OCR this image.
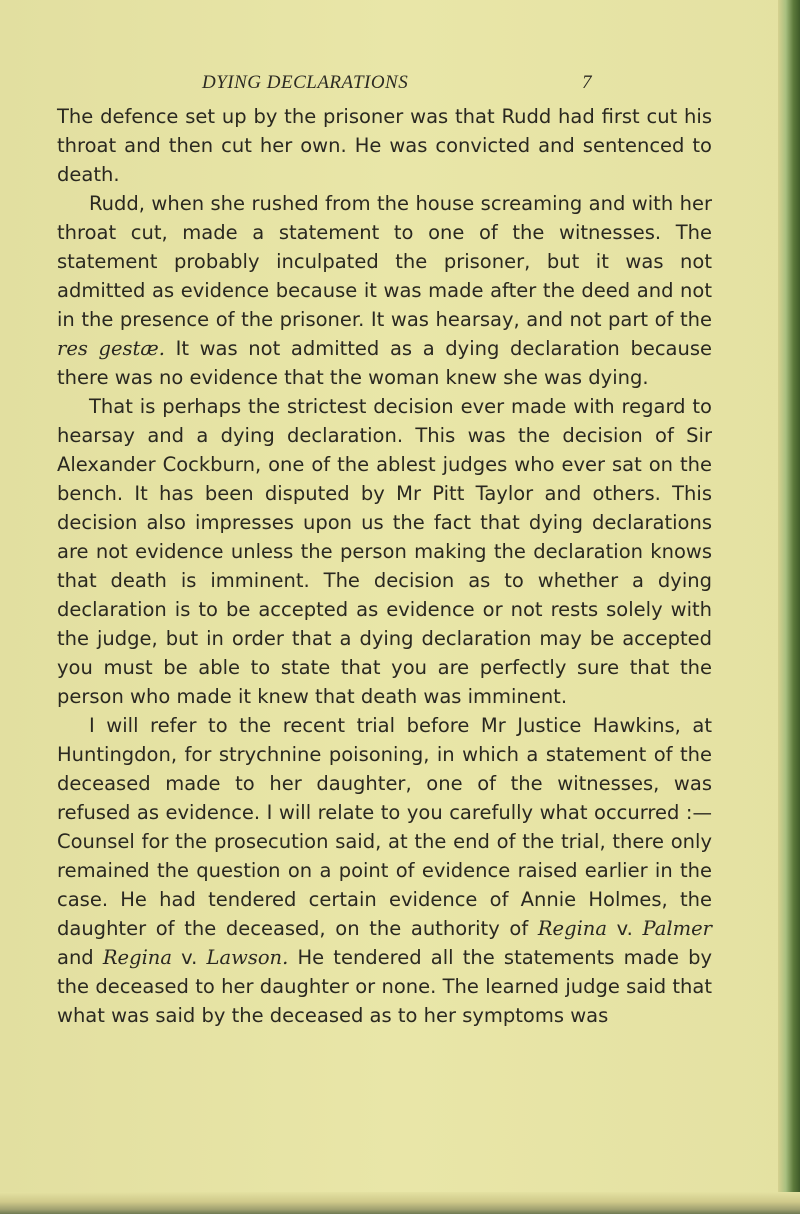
DYING DECLARATIONS	7

The defence set up by the prisoner was that Rudd had first cut his throat and then cut her own. He was convicted and sentenced to death.

Rudd, when she rushed from the house screaming and with her throat cut, made a statement to one of the witnesses. The statement probably inculpated the prisoner, but it was not admitted as evidence because it was made after the deed and not in the presence of the prisoner. It was hearsay, and not part of the res gestæ. It was not admitted as a dying declaration because there was no evidence that the woman knew she was dying.

That is perhaps the strictest decision ever made with regard to hearsay and a dying declaration. This was the decision of Sir Alexander Cockburn, one of the ablest judges who ever sat on the bench. It has been disputed by Mr Pitt Taylor and others. This decision also impresses upon us the fact that dying declarations are not evidence unless the person making the declaration knows that death is imminent. The decision as to whether a dying declaration is to be accepted as evidence or not rests solely with the judge, but in order that a dying declaration may be accepted you must be able to state that you are perfectly sure that the person who made it knew that death was imminent.

I will refer to the recent trial before Mr Justice Hawkins, at Huntingdon, for strychnine poisoning, in which a statement of the deceased made to her daughter, one of the witnesses, was refused as evidence. I will relate to you carefully what occurred :—Counsel for the prosecution said, at the end of the trial, there only remained the question on a point of evidence raised earlier in the case. He had tendered certain evidence of Annie Holmes, the daughter of the deceased, on the authority of Regina v. Palmer and Regina v. Lawson. He tendered all the statements made by the deceased to her daughter or none. The learned judge said that what was said by the deceased as to her symptoms was
